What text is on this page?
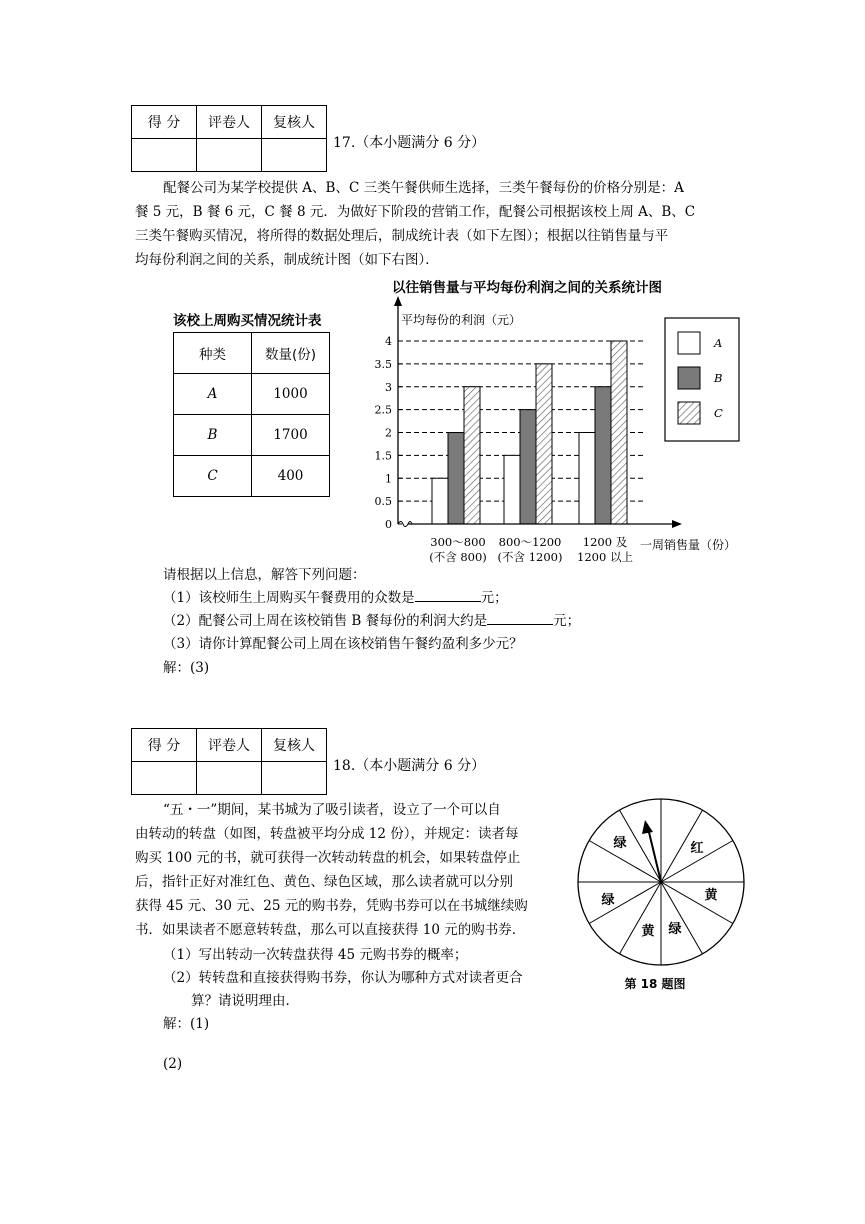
得 分	评卷人	复核人

17.（本小题满分 6 分）

配餐公司为某学校提供 A、B、C 三类午餐供师生选择，三类午餐每份的价格分别是：A

餐 5 元，B 餐 6 元，C 餐 8 元．为做好下阶段的营销工作，配餐公司根据该校上周 A、B、C

三类午餐购买情况，将所得的数据处理后，制成统计表（如下左图）；根据以往销售量与平

均每份利润之间的关系，制成统计图（如下右图）．

该校上周购买情况统计表
种类	数量(份)
A	1000
B	1700
C	400
以往销售量与平均每份利润之间的关系统计图
平均每份的利润（元）
一周销售量（份）
0
0.5
1
1.5
2
2.5
3
3.5
4
300～800
(不含 800)
800～1200
(不含 1200)
1200 及
1200 以上
A
B
C
请根据以上信息，解答下列问题：
（1）该校师生上周购买午餐费用的众数是	元；
（2）配餐公司上周在该校销售 B 餐每份的利润大约是	元；
（3）请你计算配餐公司上周在该校销售午餐约盈利多少元？
解：(3)
得 分	评卷人	复核人

18.（本小题满分 6 分）

“五・一”期间，某书城为了吸引读者，设立了一个可以自

由转动的转盘（如图，转盘被平均分成 12 份），并规定：读者每

购买 100 元的书，就可获得一次转动转盘的机会，如果转盘停止

后，指针正好对准红色、黄色、绿色区域，那么读者就可以分别

获得 45 元、30 元、25 元的购书券，凭购书券可以在书城继续购

书．如果读者不愿意转转盘，那么可以直接获得 10 元的购书券．

（1）写出转动一次转盘获得 45 元购书券的概率；
（2）转转盘和直接获得购书券，你认为哪种方式对读者更合
算？请说明理由．
解：(1)
(2)
绿	红
绿	黄
黄 绿
第 18 题图
